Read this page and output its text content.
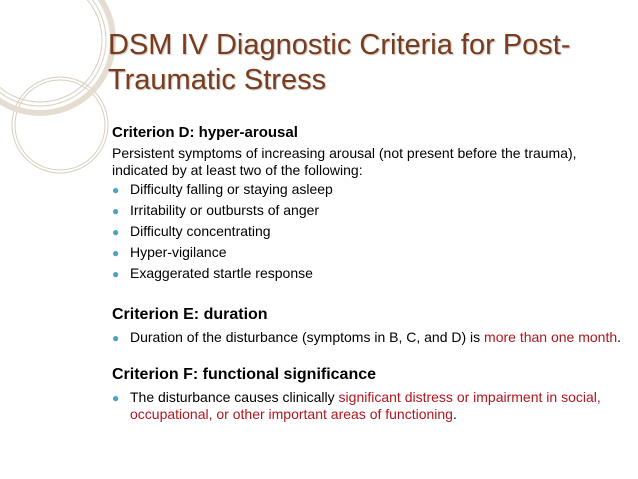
DSM IV Diagnostic Criteria for Post-Traumatic Stress
Criterion D: hyper-arousal
Persistent symptoms of increasing arousal (not present before the trauma), indicated by at least two of the following:
● Difficulty falling or staying asleep
● Irritability or outbursts of anger
● Difficulty concentrating
● Hyper-vigilance
● Exaggerated startle response
Criterion E: duration
● Duration of the disturbance (symptoms in B, C, and D) is more than one month.
Criterion F: functional significance
● The disturbance causes clinically significant distress or impairment in social, occupational, or other important areas of functioning.
